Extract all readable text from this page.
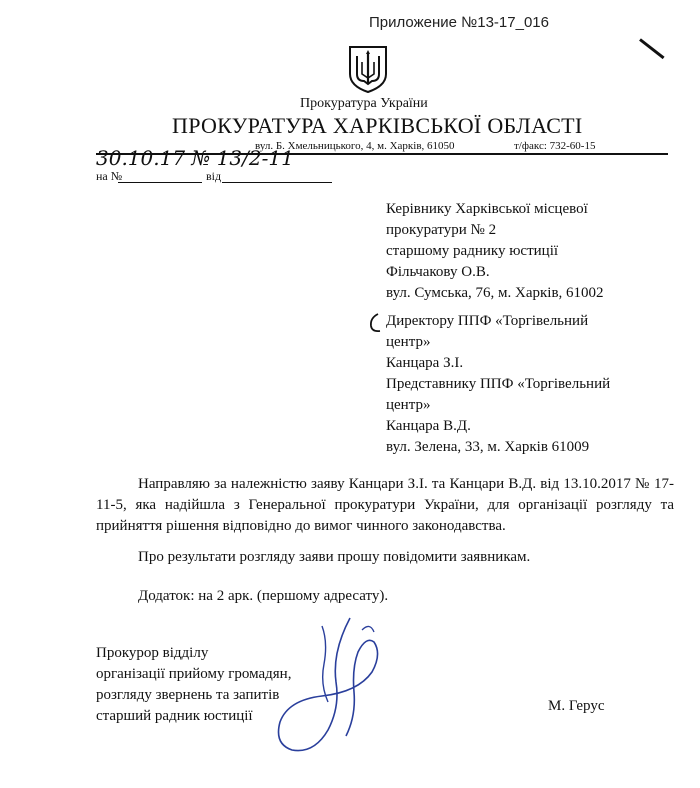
Приложение №13-17_016
Прокуратура України
ПРОКУРАТУРА ХАРКІВСЬКОЇ ОБЛАСТІ
вул. Б. Хмельницького, 4, м. Харків, 61050	т/факс: 732-60-15
30.10.17 № 13/2-11
на №	від
Керівнику Харківської місцевої
прокуратури № 2
старшому раднику юстиції
Фільчакову О.В.
вул. Сумська, 76, м. Харків, 61002
Директору ППФ «Торгівельний
центр»
Канцара З.І.
Представнику ППФ «Торгівельний
центр»
Канцара В.Д.
вул. Зелена, 33, м. Харків 61009
Направляю за належністю заяву Канцари З.І. та Канцари В.Д. від 13.10.2017 № 17-11-5, яка надійшла з Генеральної прокуратури України, для організації розгляду та прийняття рішення відповідно до вимог чинного законодавства.
Про результати розгляду заяви прошу повідомити заявникам.
Додаток: на 2 арк. (першому адресату).
Прокурор відділу
організації прийому громадян,
розгляду звернень та запитів
старший радник юстиції
М. Герус
